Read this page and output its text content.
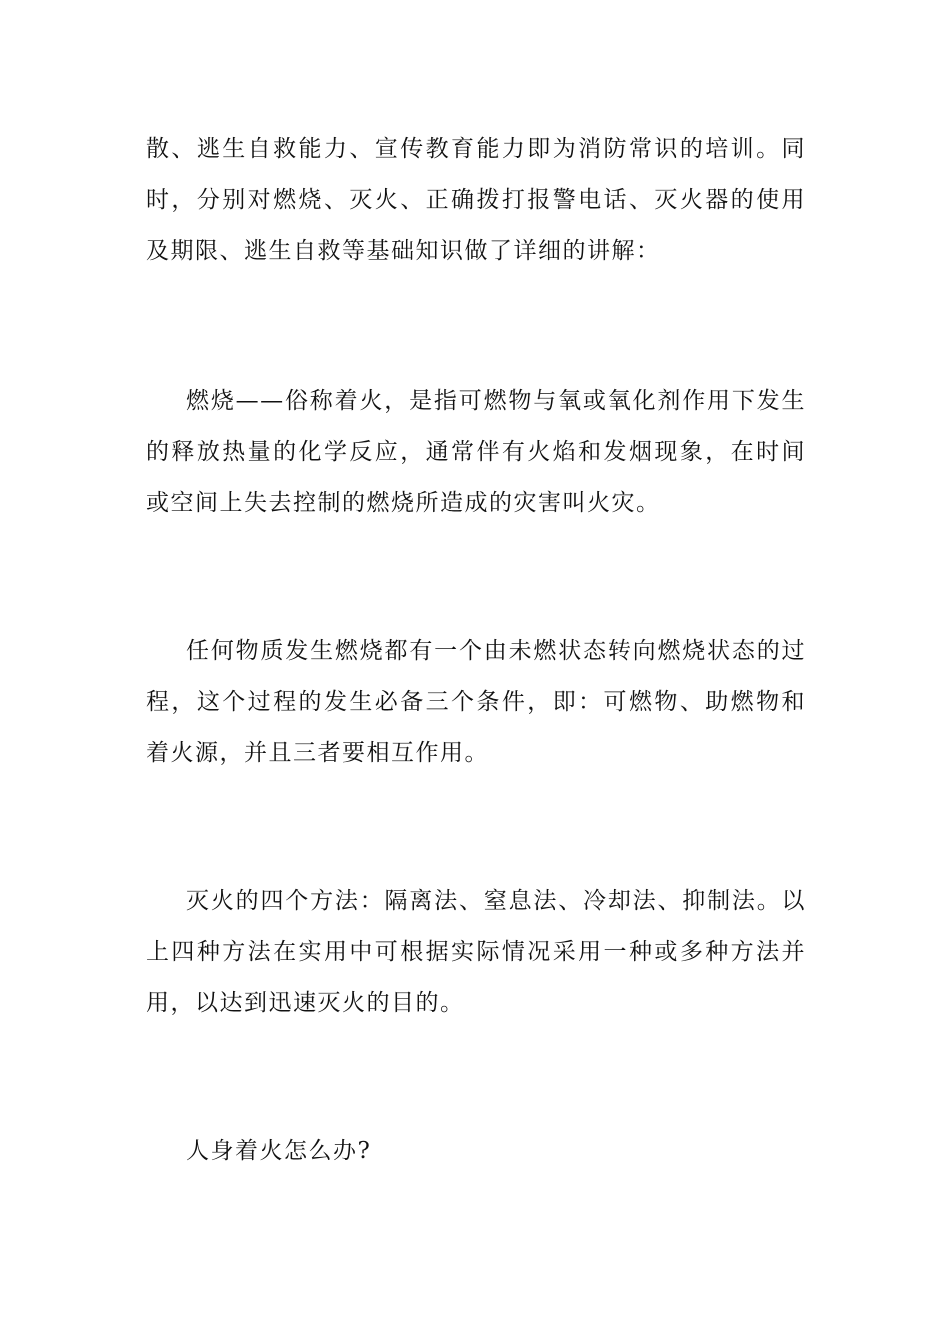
散、逃生自救能力、宣传教育能力即为消防常识的培训。同时，分别对燃烧、灭火、正确拨打报警电话、灭火器的使用及期限、逃生自救等基础知识做了详细的讲解：

燃烧——俗称着火，是指可燃物与氧或氧化剂作用下发生的释放热量的化学反应，通常伴有火焰和发烟现象，在时间或空间上失去控制的燃烧所造成的灾害叫火灾。

任何物质发生燃烧都有一个由未燃状态转向燃烧状态的过程，这个过程的发生必备三个条件，即：可燃物、助燃物和着火源，并且三者要相互作用。

灭火的四个方法：隔离法、窒息法、冷却法、抑制法。以上四种方法在实用中可根据实际情况采用一种或多种方法并用，以达到迅速灭火的目的。

人身着火怎么办?
